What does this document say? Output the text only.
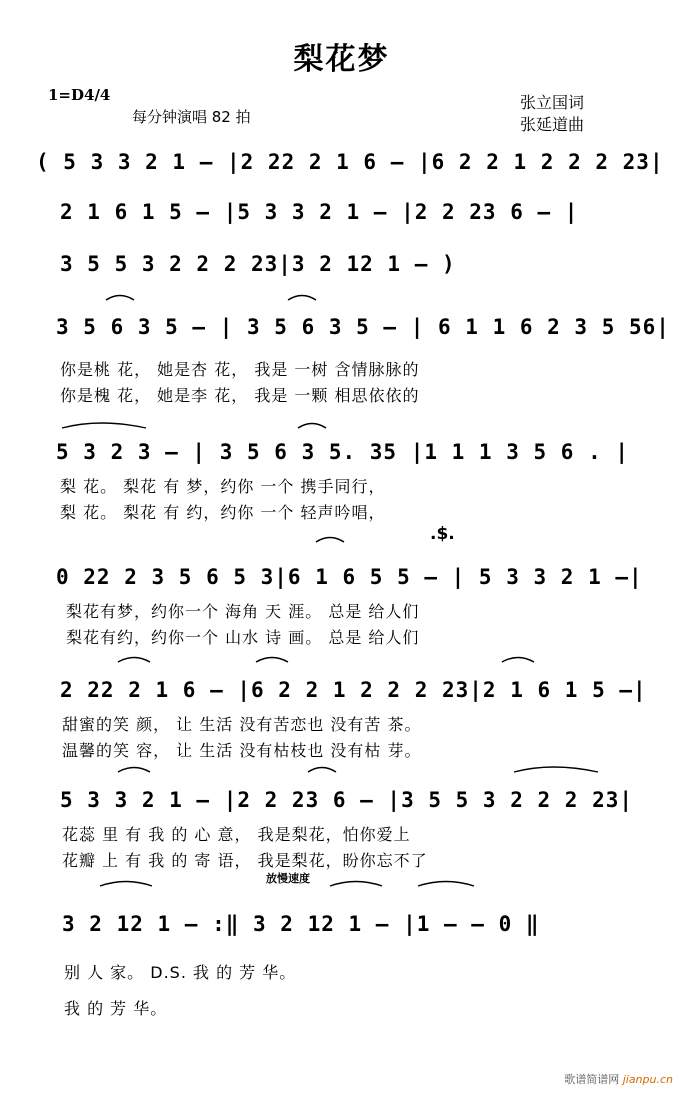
梨花梦
1=D4/4
每分钟演唱 82 拍
张立国词
张延道曲
( 5 3 3 2 1 — |2 22 2 1 6 — |6 2 2 1 2 2 2 23|
2 1 6 1 5 — |5 3 3 2 1 — |2 2 23 6 — |
3 5 5 3 2 2 2 23|3 2 12 1 — )
3 5 6 3 5 — | 3 5 6 3 5 — | 6 1 1 6 2 3 5 56|
你是桃 花， 她是杏 花， 我是 一树 含情脉脉的
你是槐 花， 她是李 花， 我是 一颗 相思依依的
5 3 2 3 — | 3 5 6 3 5. 35 |1 1 1 3 5 6 . |
梨 花。 梨花 有 梦，约你 一个 携手同行，
梨 花。 梨花 有 约，约你 一个 轻声吟唱，
.$.
0 22 2 3 5 6 5 3|6 1 6 5 5 — | 5 3 3 2 1 —|
梨花有梦，约你一个 海角 天 涯。 总是 给人们
梨花有约，约你一个 山水 诗 画。 总是 给人们
2 22 2 1 6 — |6 2 2 1 2 2 2 23|2 1 6 1 5 —|
甜蜜的笑 颜， 让 生活 没有苦恋也 没有苦 茶。
温馨的笑 容， 让 生活 没有枯枝也 没有枯 芽。
5 3 3 2 1 — |2 2 23 6 — |3 5 5 3 2 2 2 23|
花蕊 里 有 我 的 心 意， 我是梨花，怕你爱上
花瓣 上 有 我 的 寄 语， 我是梨花，盼你忘不了
放慢速度
3 2 12 1 — :‖ 3 2 12 1 — |1 — — 0 ‖
别 人 家。 D.S. 我 的 芳 华。
我 的 芳 华。
歌谱简谱网 jianpu.cn
